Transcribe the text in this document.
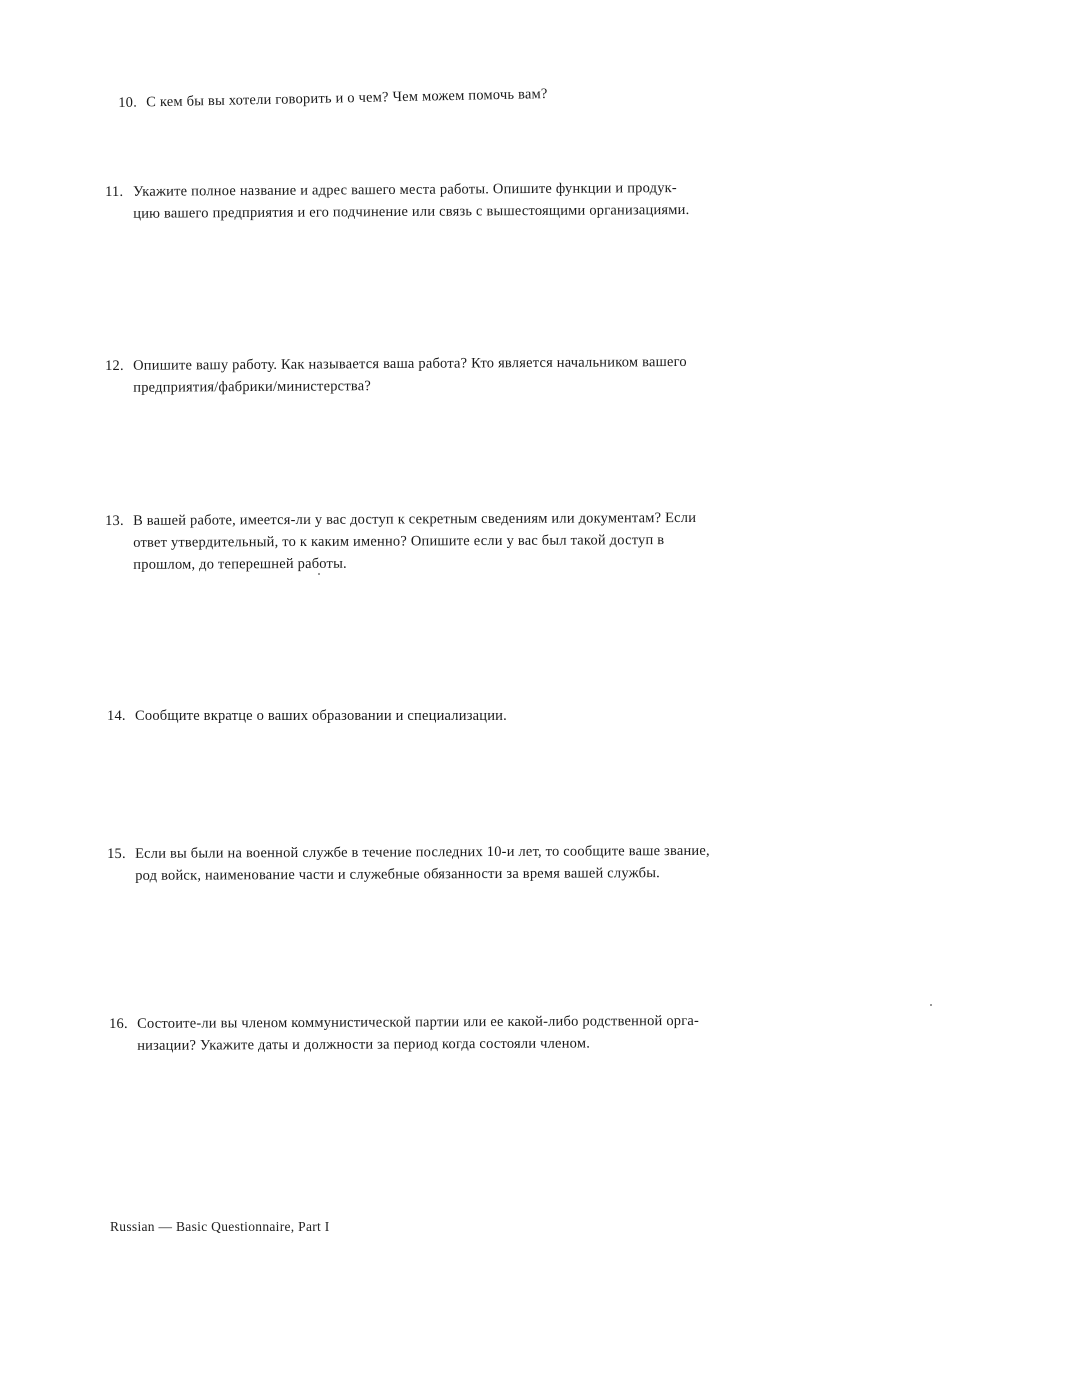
10. С кем бы вы хотели говорить и о чем? Чем можем помочь вам?
11. Укажите полное название и адрес вашего места работы. Опишите функции и продук-
цию вашего предприятия и его подчинение или связь с вышестоящими организациями.
12. Опишите вашу работу. Как называется ваша работа? Кто является начальником вашего
предприятия/фабрики/министерства?
13. В вашей работе, имеется-ли у вас доступ к секретным сведениям или документам? Если
ответ утвердительный, то к каким именно? Опишите если у вас был такой доступ в
прошлом, до теперешней работы.
14. Сообщите вкратце о ваших образовании и специализации.
15. Если вы были на военной службе в течение последних 10-и лет, то сообщите ваше звание,
род войск, наименование части и служебные обязанности за время вашей службы.
16. Состоите-ли вы членом коммунистической партии или ее какой-либо родственной орга-
низации? Укажите даты и должности за период когда состояли членом.
Russian — Basic Questionnaire, Part I
